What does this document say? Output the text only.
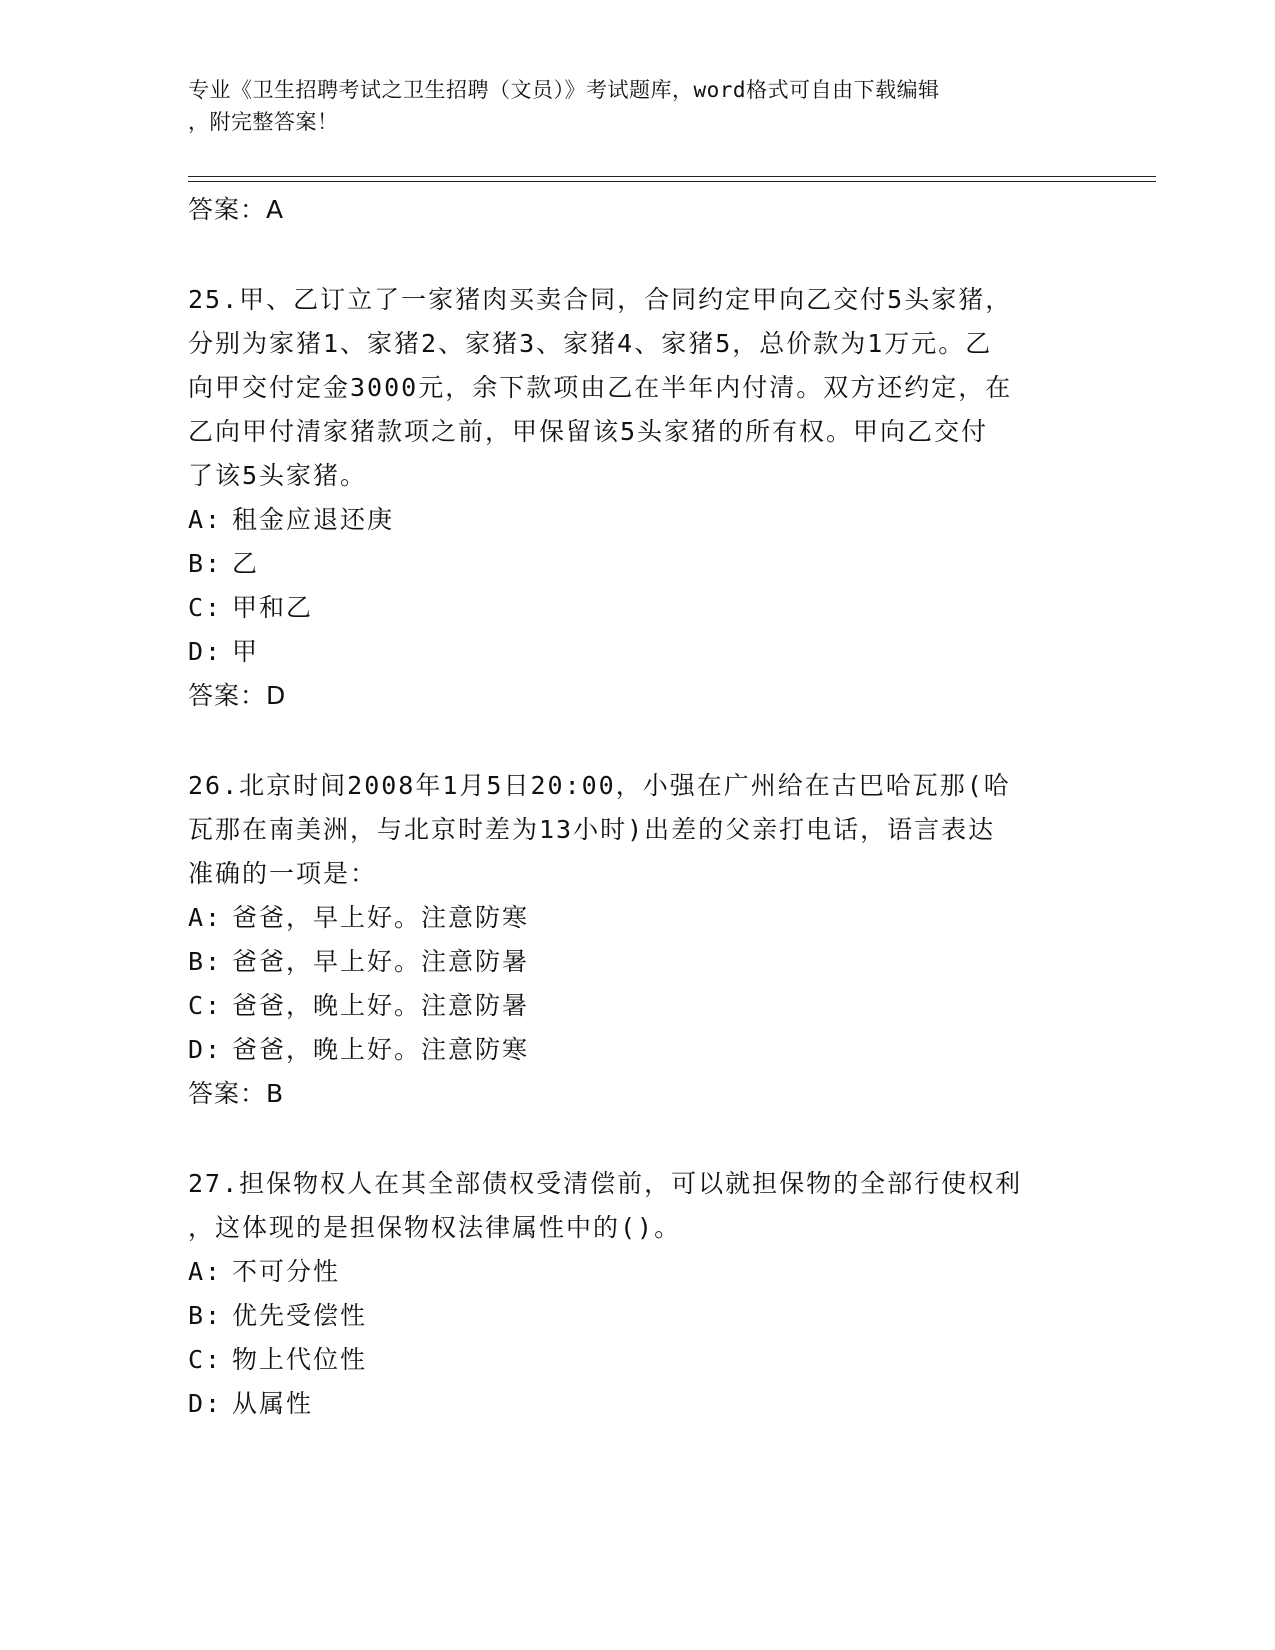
专业《卫生招聘考试之卫生招聘（文员）》考试题库，word格式可自由下载编辑
，附完整答案！
答案：A
25.甲、乙订立了一家猪肉买卖合同，合同约定甲向乙交付5头家猪，
分别为家猪1、家猪2、家猪3、家猪4、家猪5，总价款为1万元。乙
向甲交付定金3000元，余下款项由乙在半年内付清。双方还约定，在
乙向甲付清家猪款项之前，甲保留该5头家猪的所有权。甲向乙交付
了该5头家猪。
A: 租金应退还庚
B: 乙
C: 甲和乙
D: 甲
答案：D
26.北京时间2008年1月5日20:00，小强在广州给在古巴哈瓦那(哈
瓦那在南美洲，与北京时差为13小时)出差的父亲打电话，语言表达
准确的一项是：
A: 爸爸，早上好。注意防寒
B: 爸爸，早上好。注意防暑
C: 爸爸，晚上好。注意防暑
D: 爸爸，晚上好。注意防寒
答案：B
27.担保物权人在其全部债权受清偿前，可以就担保物的全部行使权利
，这体现的是担保物权法律属性中的()。
A: 不可分性
B: 优先受偿性
C: 物上代位性
D: 从属性
